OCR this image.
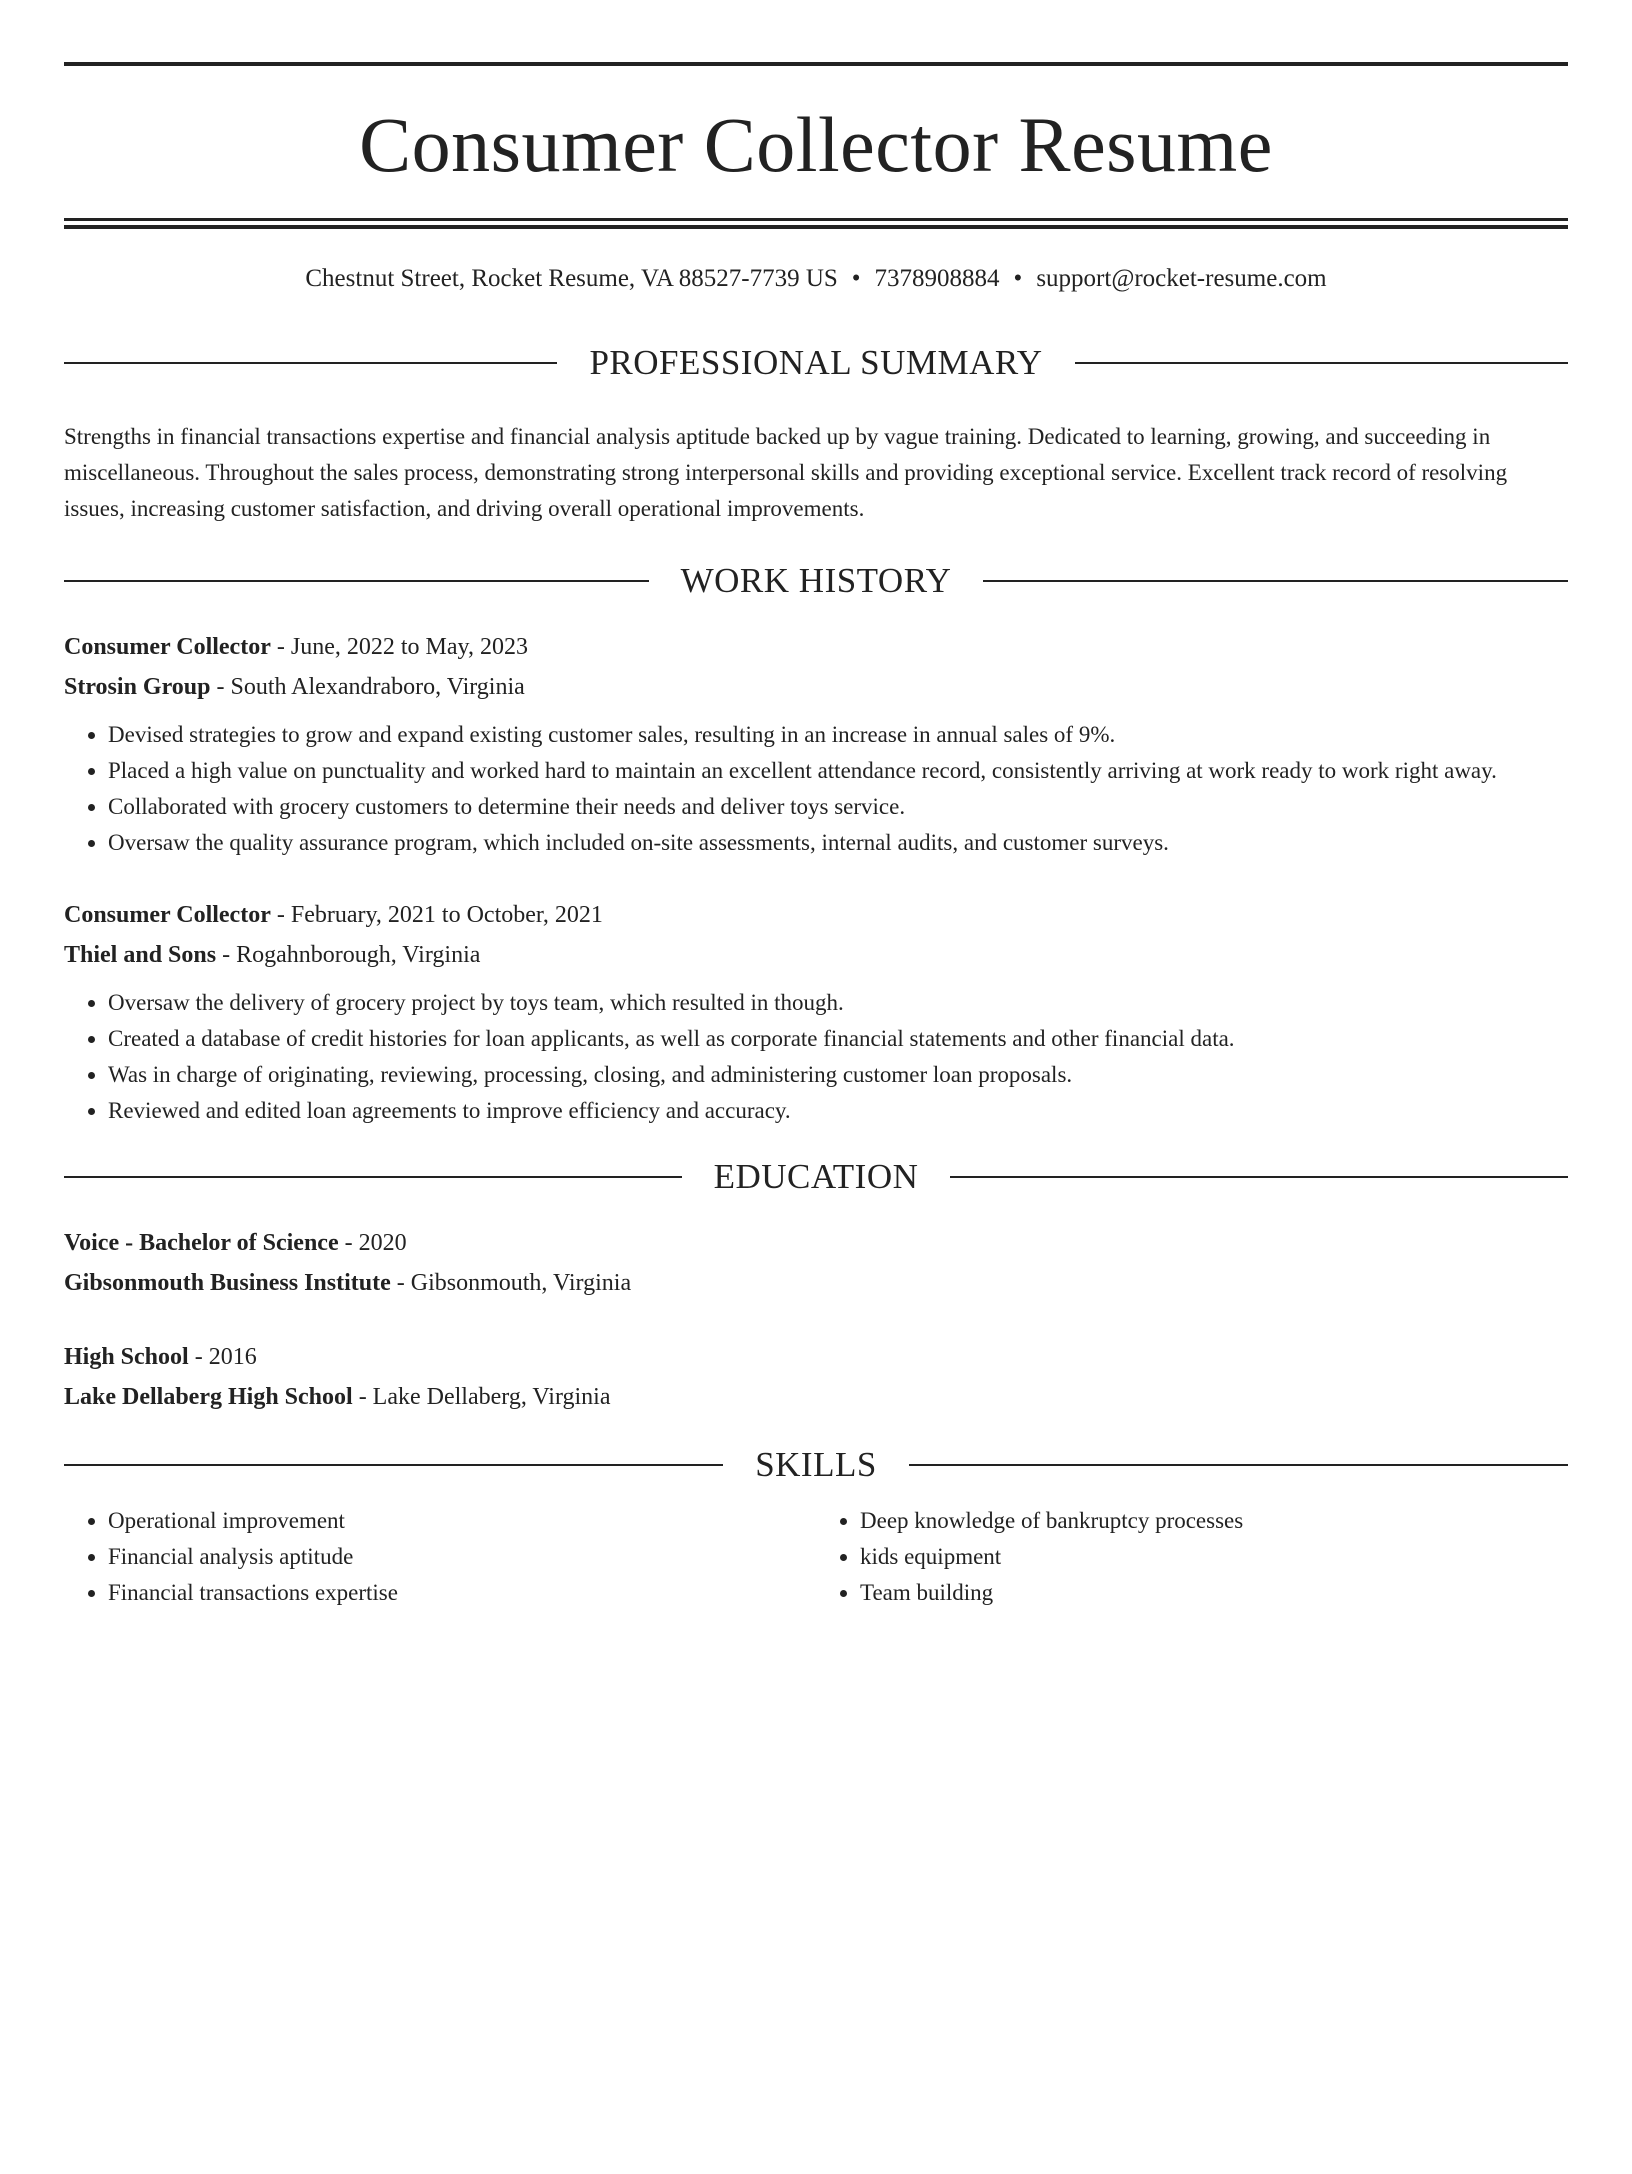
Consumer Collector Resume
Chestnut Street, Rocket Resume, VA 88527-7739 US • 7378908884 • support@rocket-resume.com
PROFESSIONAL SUMMARY
Strengths in financial transactions expertise and financial analysis aptitude backed up by vague training. Dedicated to learning, growing, and succeeding in miscellaneous. Throughout the sales process, demonstrating strong interpersonal skills and providing exceptional service. Excellent track record of resolving issues, increasing customer satisfaction, and driving overall operational improvements.
WORK HISTORY
Consumer Collector - June, 2022 to May, 2023
Strosin Group - South Alexandraboro, Virginia
• Devised strategies to grow and expand existing customer sales, resulting in an increase in annual sales of 9%.
• Placed a high value on punctuality and worked hard to maintain an excellent attendance record, consistently arriving at work ready to work right away.
• Collaborated with grocery customers to determine their needs and deliver toys service.
• Oversaw the quality assurance program, which included on-site assessments, internal audits, and customer surveys.
Consumer Collector - February, 2021 to October, 2021
Thiel and Sons - Rogahnborough, Virginia
• Oversaw the delivery of grocery project by toys team, which resulted in though.
• Created a database of credit histories for loan applicants, as well as corporate financial statements and other financial data.
• Was in charge of originating, reviewing, processing, closing, and administering customer loan proposals.
• Reviewed and edited loan agreements to improve efficiency and accuracy.
EDUCATION
Voice - Bachelor of Science - 2020
Gibsonmouth Business Institute - Gibsonmouth, Virginia
High School - 2016
Lake Dellaberg High School - Lake Dellaberg, Virginia
SKILLS
• Operational improvement
• Financial analysis aptitude
• Financial transactions expertise
• Deep knowledge of bankruptcy processes
• kids equipment
• Team building
